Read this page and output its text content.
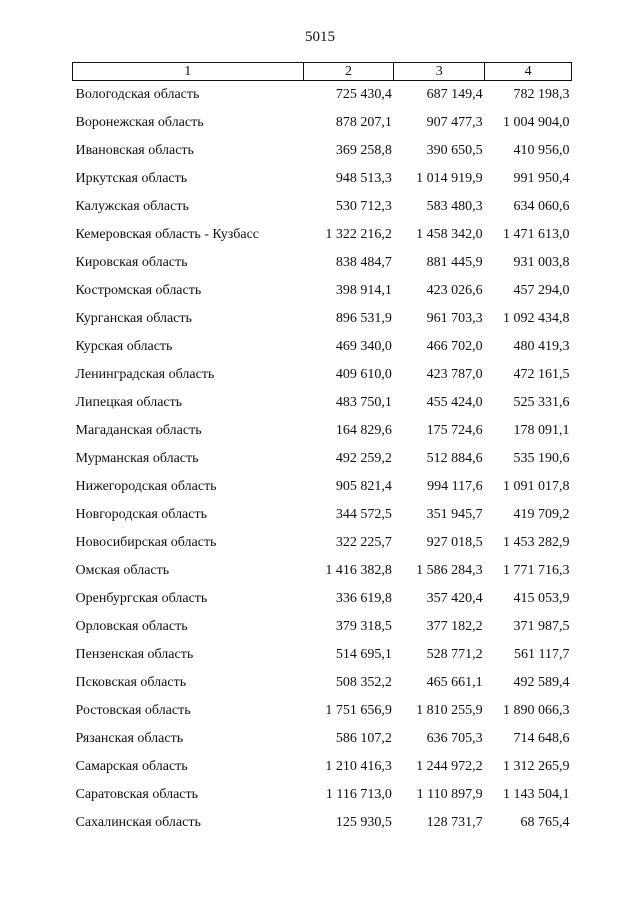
5015
1	2	3	4
Вологодская область	725 430,4	687 149,4	782 198,3
Воронежская область	878 207,1	907 477,3	1 004 904,0
Ивановская область	369 258,8	390 650,5	410 956,0
Иркутская область	948 513,3	1 014 919,9	991 950,4
Калужская область	530 712,3	583 480,3	634 060,6
Кемеровская область - Кузбасс	1 322 216,2	1 458 342,0	1 471 613,0
Кировская область	838 484,7	881 445,9	931 003,8
Костромская область	398 914,1	423 026,6	457 294,0
Курганская область	896 531,9	961 703,3	1 092 434,8
Курская область	469 340,0	466 702,0	480 419,3
Ленинградская область	409 610,0	423 787,0	472 161,5
Липецкая область	483 750,1	455 424,0	525 331,6
Магаданская область	164 829,6	175 724,6	178 091,1
Мурманская область	492 259,2	512 884,6	535 190,6
Нижегородская область	905 821,4	994 117,6	1 091 017,8
Новгородская область	344 572,5	351 945,7	419 709,2
Новосибирская область	322 225,7	927 018,5	1 453 282,9
Омская область	1 416 382,8	1 586 284,3	1 771 716,3
Оренбургская область	336 619,8	357 420,4	415 053,9
Орловская область	379 318,5	377 182,2	371 987,5
Пензенская область	514 695,1	528 771,2	561 117,7
Псковская область	508 352,2	465 661,1	492 589,4
Ростовская область	1 751 656,9	1 810 255,9	1 890 066,3
Рязанская область	586 107,2	636 705,3	714 648,6
Самарская область	1 210 416,3	1 244 972,2	1 312 265,9
Саратовская область	1 116 713,0	1 110 897,9	1 143 504,1
Сахалинская область	125 930,5	128 731,7	68 765,4
